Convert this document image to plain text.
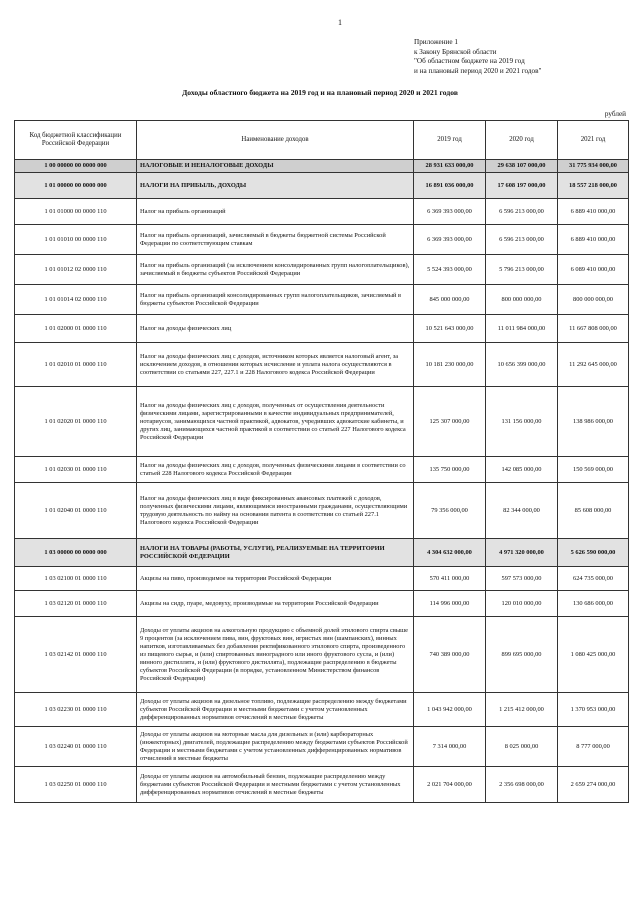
1
Приложение 1
к Закону Брянской области
"Об областном бюджете на 2019 год
и на плановый период 2020 и 2021 годов"
Доходы областного бюджета на 2019 год и на плановый период 2020 и 2021 годов
рублей
Код бюджетной классификации Российской Федерации	Наименование доходов	2019 год	2020 год	2021 год
1 00 00000 00 0000 000	НАЛОГОВЫЕ И НЕНАЛОГОВЫЕ ДОХОДЫ	28 931 633 000,00	29 638 107 000,00	31 775 934 000,00
1 01 00000 00 0000 000	НАЛОГИ НА ПРИБЫЛЬ, ДОХОДЫ	16 891 036 000,00	17 608 197 000,00	18 557 218 000,00
1 01 01000 00 0000 110	Налог на прибыль организаций	6 369 393 000,00	6 596 213 000,00	6 889 410 000,00
1 01 01010 00 0000 110	Налог на прибыль организаций, зачисляемый в бюджеты бюджетной системы Российской Федерации по соответствующим ставкам	6 369 393 000,00	6 596 213 000,00	6 889 410 000,00
1 01 01012 02 0000 110	Налог на прибыль организаций (за исключением консолидированных групп налогоплательщиков), зачисляемый в бюджеты субъектов Российской Федерации	5 524 393 000,00	5 796 213 000,00	6 089 410 000,00
1 01 01014 02 0000 110	Налог на прибыль организаций консолидированных групп налогоплательщиков, зачисляемый в бюджеты субъектов Российской Федерации	845 000 000,00	800 000 000,00	800 000 000,00
1 01 02000 01 0000 110	Налог на доходы физических лиц	10 521 643 000,00	11 011 984 000,00	11 667 808 000,00
1 01 02010 01 0000 110	Налог на доходы физических лиц с доходов, источником которых является налоговый агент, за исключением доходов, в отношении которых исчисление и уплата налога осуществляются в соответствии со статьями 227, 227.1 и 228 Налогового кодекса Российской Федерации	10 181 230 000,00	10 656 399 000,00	11 292 645 000,00
1 01 02020 01 0000 110	Налог на доходы физических лиц с доходов, полученных от осуществления деятельности физическими лицами, зарегистрированными в качестве индивидуальных предпринимателей, нотариусов, занимающихся частной практикой, адвокатов, учредивших адвокатские кабинеты, и других лиц, занимающихся частной практикой в соответствии со статьей 227 Налогового кодекса Российской Федерации	125 307 000,00	131 156 000,00	138 986 000,00
1 01 02030 01 0000 110	Налог на доходы физических лиц с доходов, полученных физическими лицами в соответствии со статьей 228 Налогового кодекса Российской Федерации	135 750 000,00	142 085 000,00	150 569 000,00
1 01 02040 01 0000 110	Налог на доходы физических лиц в виде фиксированных авансовых платежей с доходов, полученных физическими лицами, являющимися иностранными гражданами, осуществляющими трудовую деятельность по найму на основании патента в соответствии со статьей 227.1 Налогового кодекса Российской Федерации	79 356 000,00	82 344 000,00	85 608 000,00
1 03 00000 00 0000 000	НАЛОГИ НА ТОВАРЫ (РАБОТЫ, УСЛУГИ), РЕАЛИЗУЕМЫЕ НА ТЕРРИТОРИИ РОССИЙСКОЙ ФЕДЕРАЦИИ	4 304 632 000,00	4 971 320 000,00	5 626 590 000,00
1 03 02100 01 0000 110	Акцизы на пиво, производимое на территории Российской Федерации	570 411 000,00	597 573 000,00	624 735 000,00
1 03 02120 01 0000 110	Акцизы на сидр, пуаре, медовуху, производимые на территории Российской Федерации	114 996 000,00	120 010 000,00	130 686 000,00
1 03 02142 01 0000 110	Доходы от уплаты акцизов на алкогольную продукцию с объемной долей этилового спирта свыше 9 процентов (за исключением пива, вин, фруктовых вин, игристых вин (шампанских), винных напитков, изготавливаемых без добавления ректификованного этилового спирта, произведенного из пищевого сырья, и (или) спиртованных виноградного или иного фруктового сусла, и (или) винного дистиллята, и (или) фруктового дистиллята), подлежащие распределению в бюджеты субъектов Российской Федерации (в порядке, установленном Министерством финансов Российской Федерации)	740 389 000,00	899 695 000,00	1 080 425 000,00
1 03 02230 01 0000 110	Доходы от уплаты акцизов на дизельное топливо, подлежащие распределению между бюджетами субъектов Российской Федерации и местными бюджетами с учетом установленных дифференцированных нормативов отчислений в местные бюджеты	1 043 942 000,00	1 215 412 000,00	1 370 953 000,00
1 03 02240 01 0000 110	Доходы от уплаты акцизов на моторные масла для дизельных и (или) карбюраторных (инжекторных) двигателей, подлежащие распределению между бюджетами субъектов Российской Федерации и местными бюджетами с учетом установленных дифференцированных нормативов отчислений в местные бюджеты	7 314 000,00	8 025 000,00	8 777 000,00
1 03 02250 01 0000 110	Доходы от уплаты акцизов на автомобильный бензин, подлежащие распределению между бюджетами субъектов Российской Федерации и местными бюджетами с учетом установленных дифференцированных нормативов отчислений в местные бюджеты	2 021 704 000,00	2 356 698 000,00	2 659 274 000,00
